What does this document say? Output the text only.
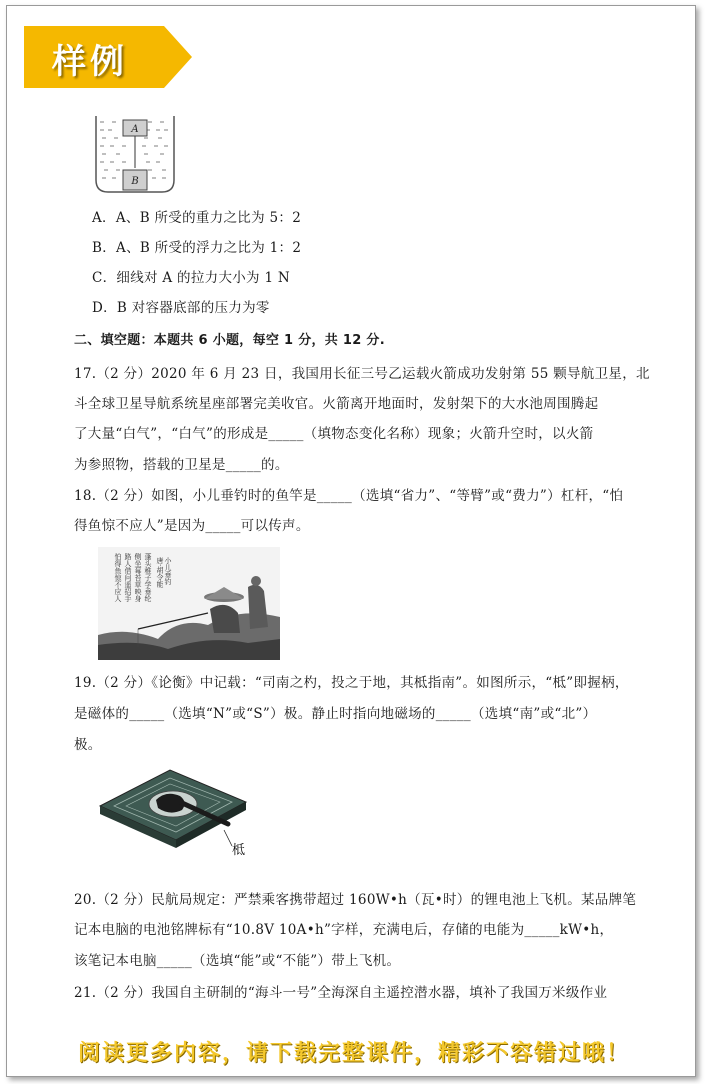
样例
A
B
A．A、B 所受的重力之比为 5：2
B．A、B 所受的浮力之比为 1：2
C．细线对 A 的拉力大小为 1 N
D．B 对容器底部的压力为零
二、填空题：本题共 6 小题，每空 1 分，共 12 分.
17.（2 分）2020 年 6 月 23 日，我国用长征三号乙运载火箭成功发射第 55 颗导航卫星，北
斗全球卫星导航系统星座部署完美收官。火箭离开地面时，发射架下的大水池周围腾起
了大量“白气”，“白气”的形成是_____（填物态变化名称）现象；火箭升空时，以火箭
为参照物，搭载的卫星是_____的。
18.（2 分）如图，小儿垂钓时的鱼竿是_____（选填“省力”、“等臂”或“费力”）杠杆，“怕
得鱼惊不应人”是因为_____可以传声。
小儿垂钓
唐·胡令能
蓬头稚子学垂纶
侧坐莓苔草映身
路人借问遥招手
怕得鱼惊不应人
19.（2 分）《论衡》中记载：“司南之杓，投之于地，其柢指南”。如图所示，“柢”即握柄，
是磁体的_____（选填“N”或“S”）极。静止时指向地磁场的_____（选填“南”或“北”）
极。
柢
20.（2 分）民航局规定：严禁乘客携带超过 160W•h（瓦•时）的锂电池上飞机。某品牌笔
记本电脑的电池铭牌标有“10.8V 10A•h”字样，充满电后，存储的电能为_____kW•h，
该笔记本电脑_____（选填“能”或“不能”）带上飞机。
21.（2 分）我国自主研制的“海斗一号”全海深自主遥控潜水器，填补了我国万米级作业
阅读更多内容，请下载完整课件，精彩不容错过哦！
